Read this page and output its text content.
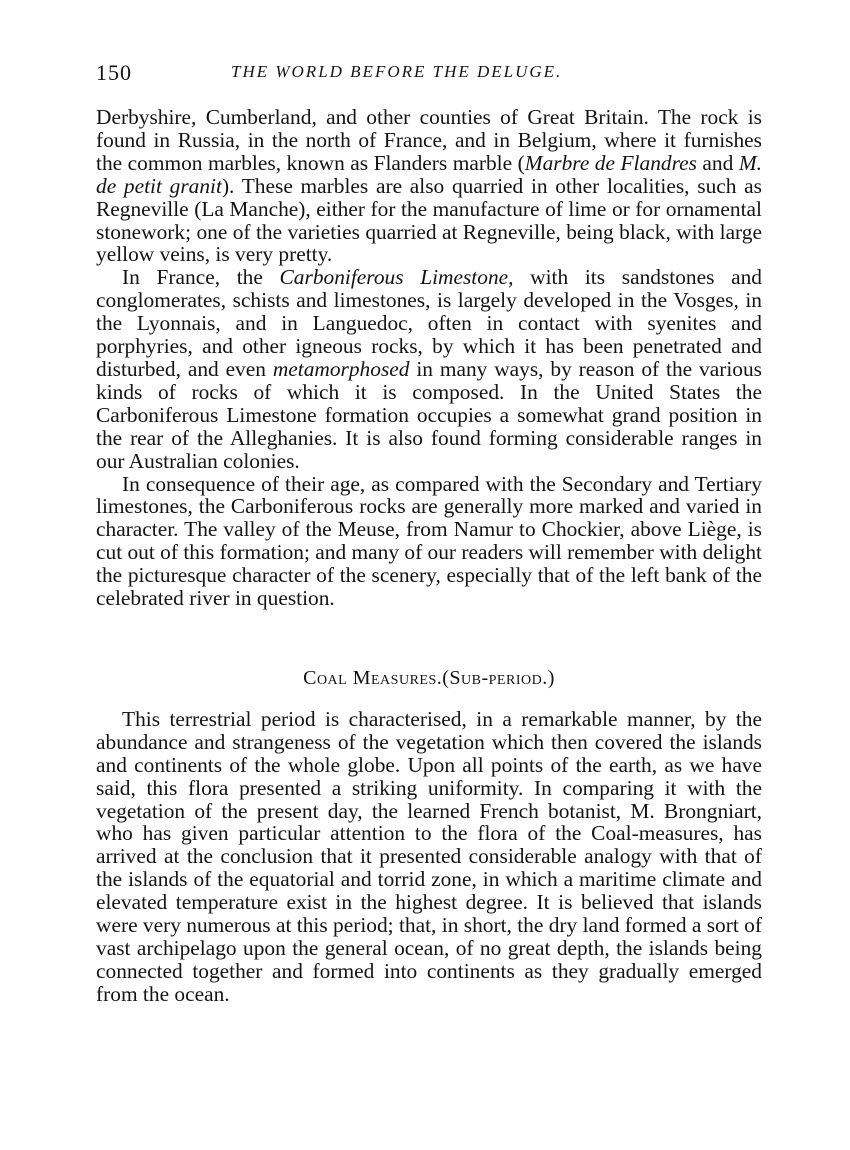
150	THE WORLD BEFORE THE DELUGE.

Derbyshire, Cumberland, and other counties of Great Britain. The rock is found in Russia, in the north of France, and in Belgium, where it furnishes the common marbles, known as Flanders marble (Marbre de Flandres and M. de petit granit). These marbles are also quarried in other localities, such as Regneville (La Manche), either for the manufacture of lime or for ornamental stonework; one of the varieties quarried at Regneville, being black, with large yellow veins, is very pretty.

In France, the Carboniferous Limestone, with its sandstones and conglomerates, schists and limestones, is largely developed in the Vosges, in the Lyonnais, and in Languedoc, often in contact with syenites and porphyries, and other igneous rocks, by which it has been penetrated and disturbed, and even metamorphosed in many ways, by reason of the various kinds of rocks of which it is composed. In the United States the Carboniferous Limestone formation occupies a somewhat grand position in the rear of the Alleghanies. It is also found forming considerable ranges in our Australian colonies.

In consequence of their age, as compared with the Secondary and Tertiary limestones, the Carboniferous rocks are generally more marked and varied in character. The valley of the Meuse, from Namur to Chockier, above Liège, is cut out of this formation; and many of our readers will remember with delight the picturesque character of the scenery, especially that of the left bank of the celebrated river in question.

Coal Measures.(Sub-period.)

This terrestrial period is characterised, in a remarkable manner, by the abundance and strangeness of the vegetation which then covered the islands and continents of the whole globe. Upon all points of the earth, as we have said, this flora presented a striking uniformity. In comparing it with the vegetation of the present day, the learned French botanist, M. Brongniart, who has given particular attention to the flora of the Coal-measures, has arrived at the conclusion that it presented considerable analogy with that of the islands of the equatorial and torrid zone, in which a maritime climate and elevated temperature exist in the highest degree. It is believed that islands were very numerous at this period; that, in short, the dry land formed a sort of vast archipelago upon the general ocean, of no great depth, the islands being connected together and formed into continents as they gradually emerged from the ocean.
